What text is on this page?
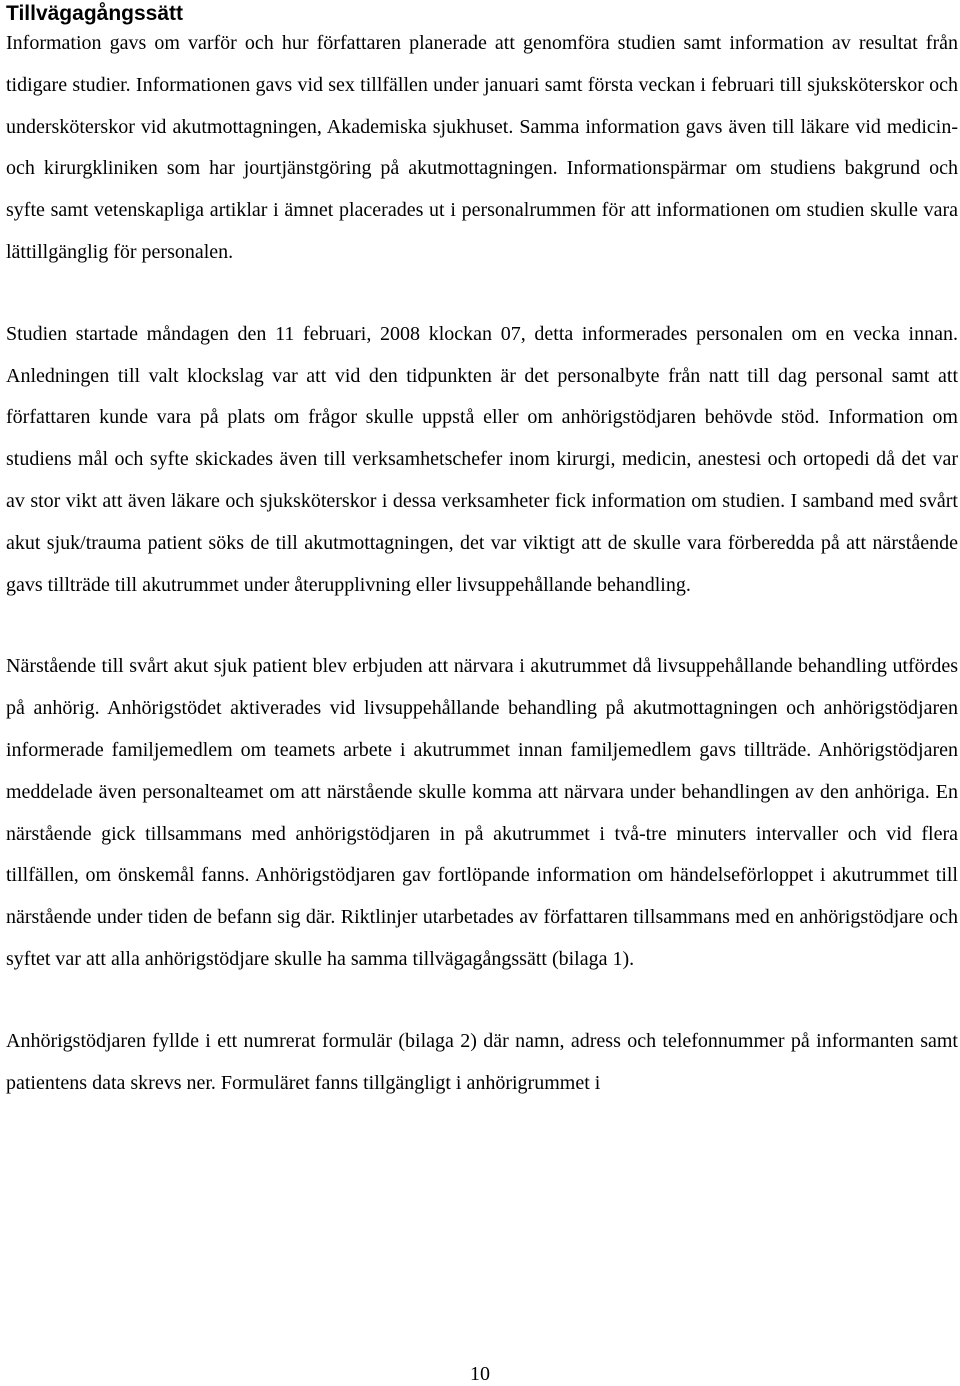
Tillvägagångssätt

Information gavs om varför och hur författaren planerade att genomföra studien samt information av resultat från tidigare studier. Informationen gavs vid sex tillfällen under januari samt första veckan i februari till sjuksköterskor och undersköterskor vid akutmottagningen, Akademiska sjukhuset. Samma information gavs även till läkare vid medicin- och kirurgkliniken som har jourtjänstgöring på akutmottagningen. Informationspärmar om studiens bakgrund och syfte samt vetenskapliga artiklar i ämnet placerades ut i personalrummen för att informationen om studien skulle vara lättillgänglig för personalen.

Studien startade måndagen den 11 februari, 2008 klockan 07, detta informerades personalen om en vecka innan. Anledningen till valt klockslag var att vid den tidpunkten är det personalbyte från natt till dag personal samt att författaren kunde vara på plats om frågor skulle uppstå eller om anhörigstödjaren behövde stöd. Information om studiens mål och syfte skickades även till verksamhetschefer inom kirurgi, medicin, anestesi och ortopedi då det var av stor vikt att även läkare och sjuksköterskor i dessa verksamheter fick information om studien. I samband med svårt akut sjuk/trauma patient söks de till akutmottagningen, det var viktigt att de skulle vara förberedda på att närstående gavs tillträde till akutrummet under återupplivning eller livsuppehållande behandling.

Närstående till svårt akut sjuk patient blev erbjuden att närvara i akutrummet då livsuppehållande behandling utfördes på anhörig. Anhörigstödet aktiverades vid livsuppehållande behandling på akutmottagningen och anhörigstödjaren informerade familjemedlem om teamets arbete i akutrummet innan familjemedlem gavs tillträde. Anhörigstödjaren meddelade även personalteamet om att närstående skulle komma att närvara under behandlingen av den anhöriga. En närstående gick tillsammans med anhörigstödjaren in på akutrummet i två-tre minuters intervaller och vid flera tillfällen, om önskemål fanns. Anhörigstödjaren gav fortlöpande information om händelseförloppet i akutrummet till närstående under tiden de befann sig där. Riktlinjer utarbetades av författaren tillsammans med en anhörigstödjare och syftet var att alla anhörigstödjare skulle ha samma tillvägagångssätt (bilaga 1).

Anhörigstödjaren fyllde i ett numrerat formulär (bilaga 2) där namn, adress och telefonnummer på informanten samt patientens data skrevs ner. Formuläret fanns tillgängligt i anhörigrummet i

10
